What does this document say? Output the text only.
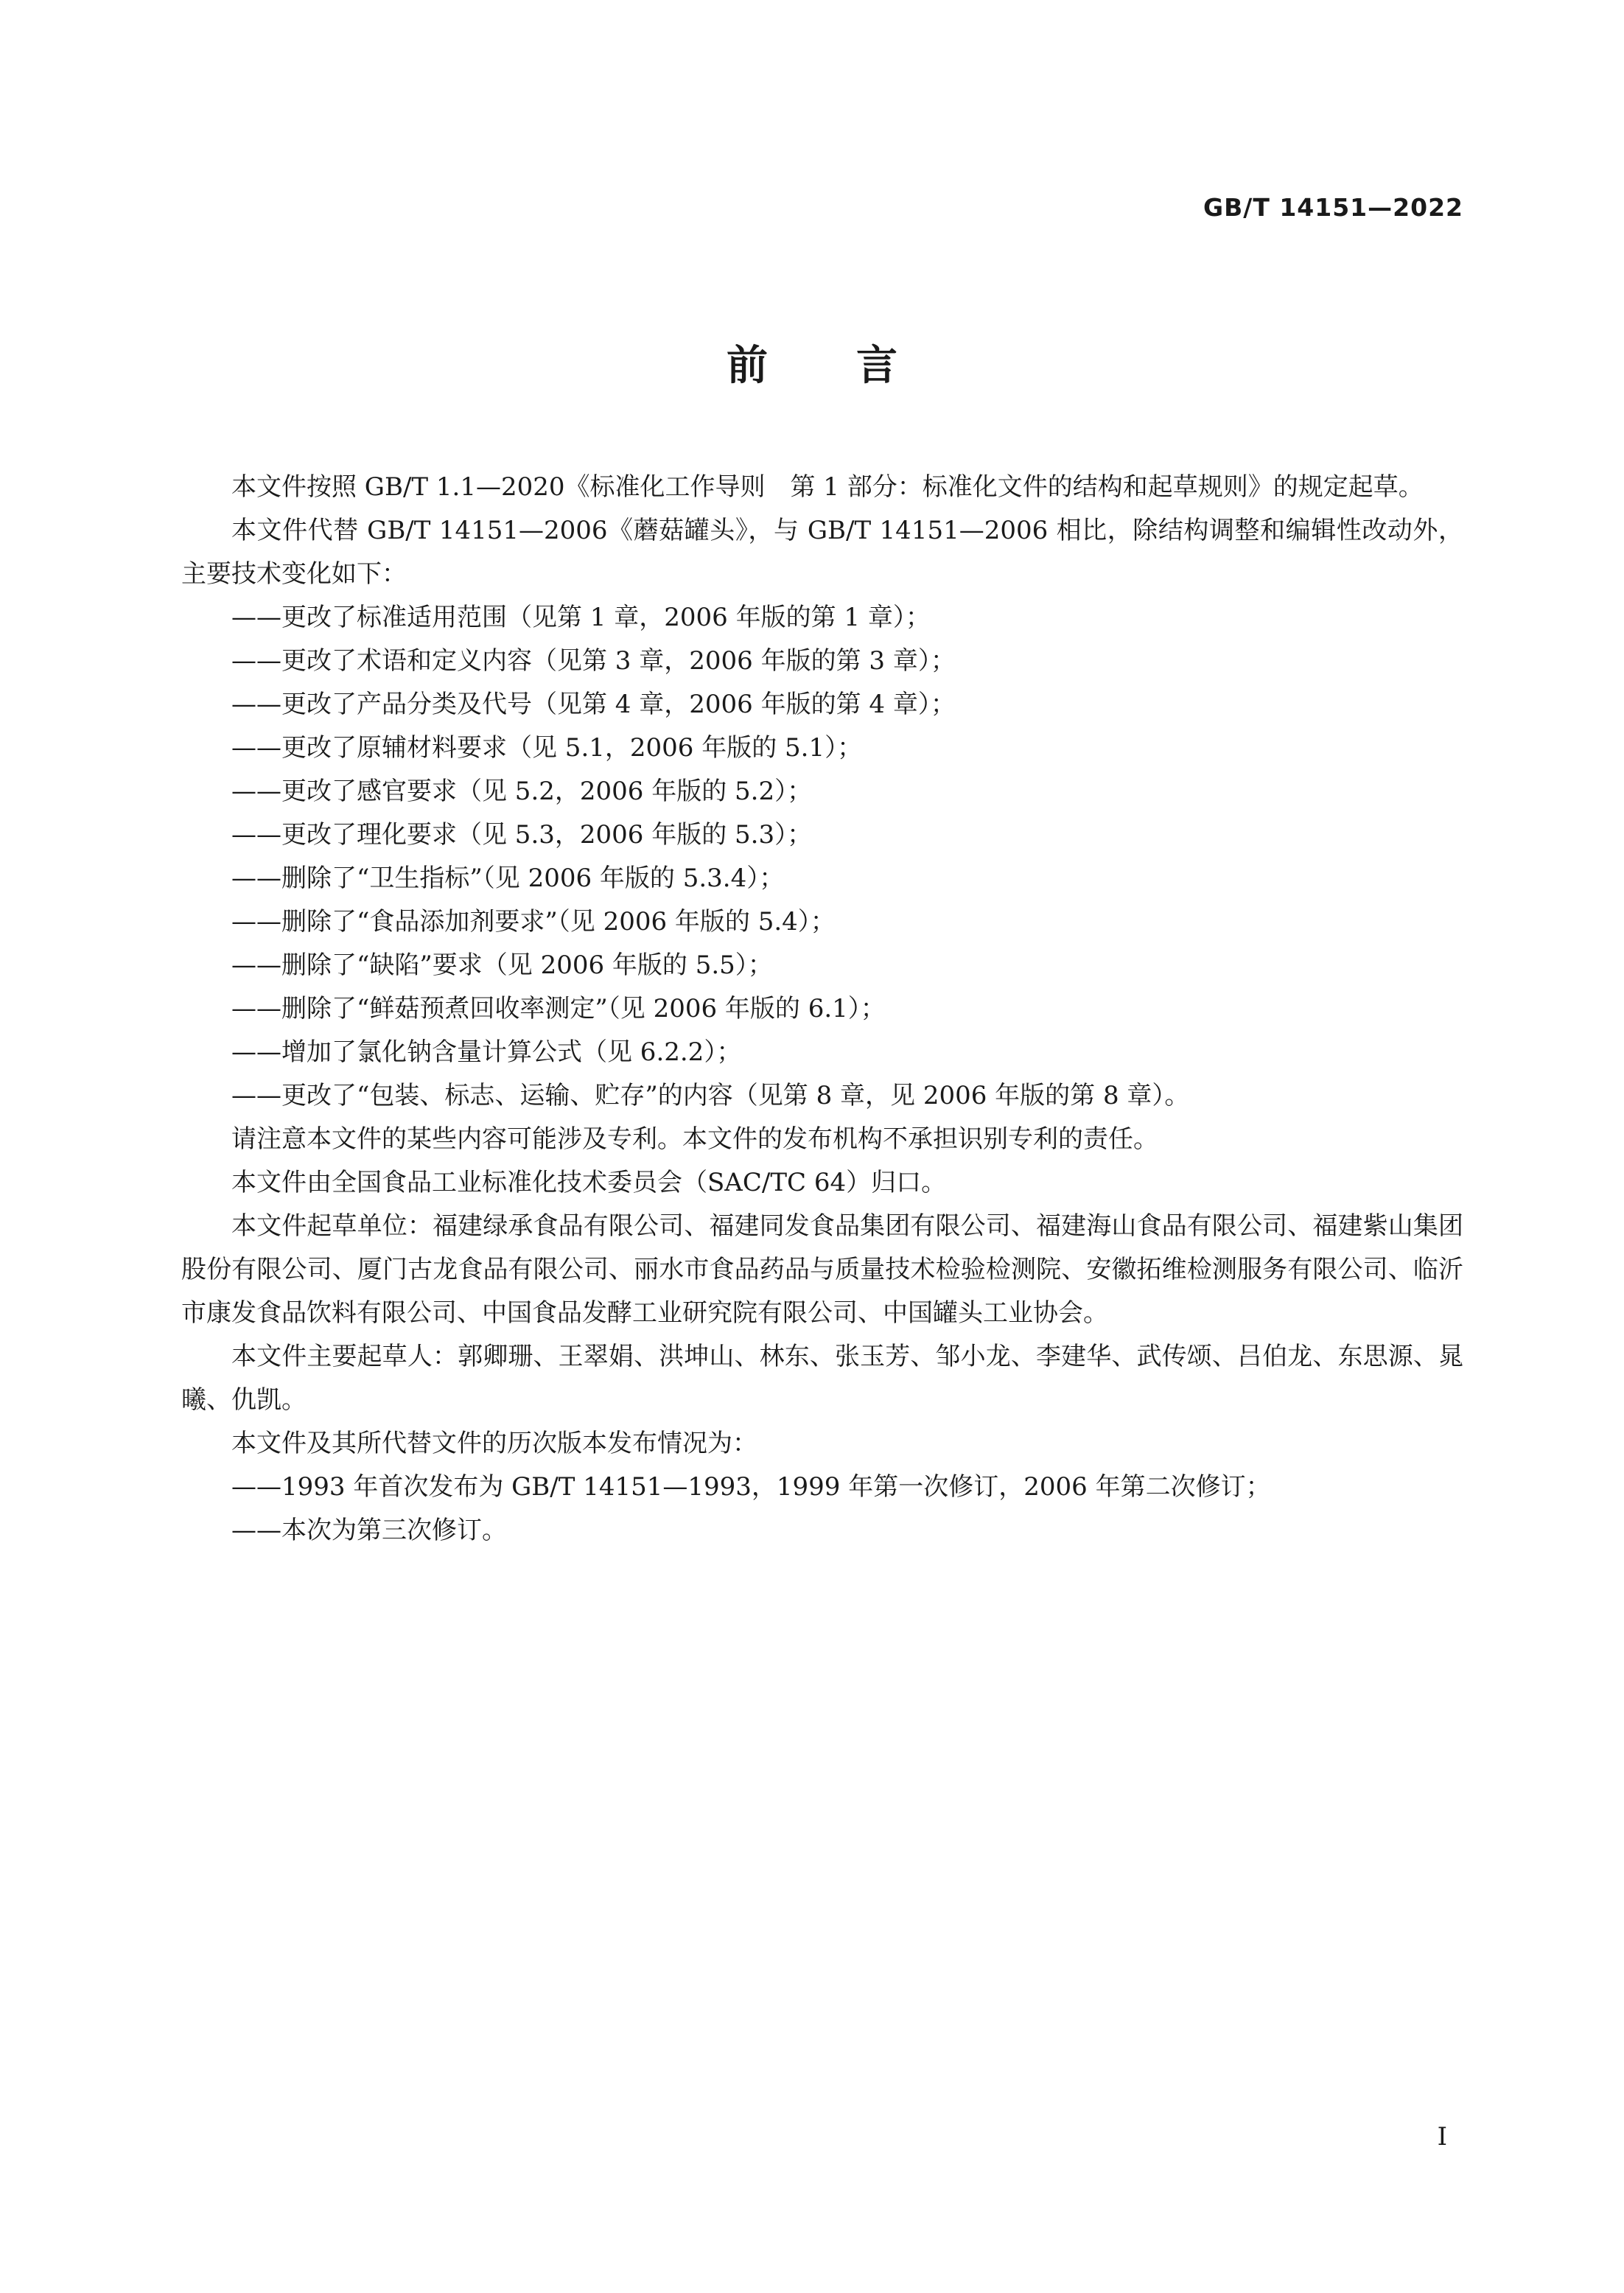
GB/T 14151—2022
前言

本文件按照 GB/T 1.1—2020《标准化工作导则　第 1 部分：标准化文件的结构和起草规则》的规定起草。

本文件代替 GB/T 14151—2006《蘑菇罐头》，与 GB/T 14151—2006 相比，除结构调整和编辑性改动外，主要技术变化如下：

——更改了标准适用范围（见第 1 章，2006 年版的第 1 章）；

——更改了术语和定义内容（见第 3 章，2006 年版的第 3 章）；

——更改了产品分类及代号（见第 4 章，2006 年版的第 4 章）；

——更改了原辅材料要求（见 5.1，2006 年版的 5.1）；

——更改了感官要求（见 5.2，2006 年版的 5.2）；

——更改了理化要求（见 5.3，2006 年版的 5.3）；

——删除了“卫生指标”（见 2006 年版的 5.3.4）；

——删除了“食品添加剂要求”（见 2006 年版的 5.4）；

——删除了“缺陷”要求（见 2006 年版的 5.5）；

——删除了“鲜菇预煮回收率测定”（见 2006 年版的 6.1）；

——增加了氯化钠含量计算公式（见 6.2.2）；

——更改了“包装、标志、运输、贮存”的内容（见第 8 章，见 2006 年版的第 8 章）。

请注意本文件的某些内容可能涉及专利。本文件的发布机构不承担识别专利的责任。

本文件由全国食品工业标准化技术委员会（SAC/TC 64）归口。

本文件起草单位：福建绿承食品有限公司、福建同发食品集团有限公司、福建海山食品有限公司、福建紫山集团股份有限公司、厦门古龙食品有限公司、丽水市食品药品与质量技术检验检测院、安徽拓维检测服务有限公司、临沂市康发食品饮料有限公司、中国食品发酵工业研究院有限公司、中国罐头工业协会。

本文件主要起草人：郭卿珊、王翠娟、洪坤山、林东、张玉芳、邹小龙、李建华、武传颂、吕伯龙、东思源、晁曦、仇凯。

本文件及其所代替文件的历次版本发布情况为：

——1993 年首次发布为 GB/T 14151—1993，1999 年第一次修订，2006 年第二次修订；

——本次为第三次修订。

I
